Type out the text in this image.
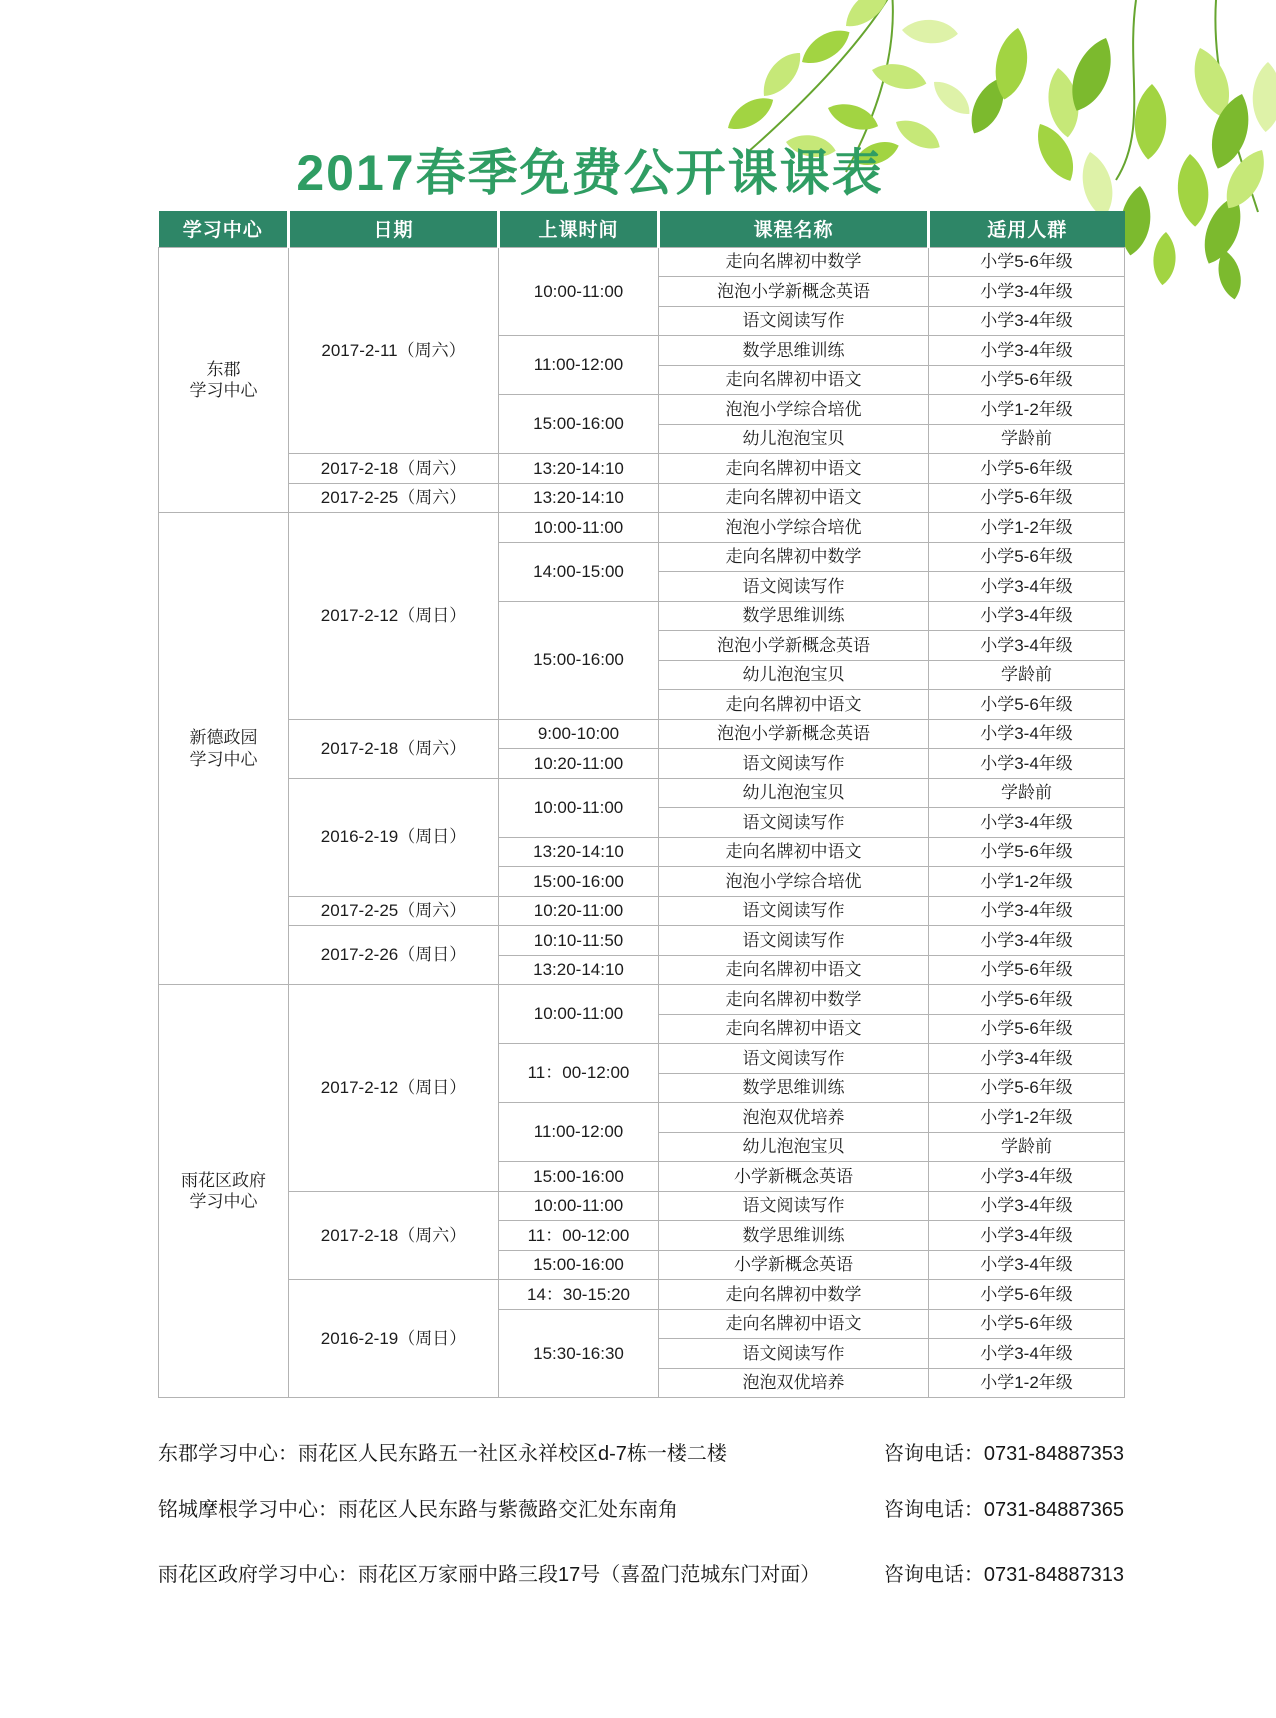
2017春季免费公开课课表
学习中心	日期	上课时间	课程名称	适用人群
东郡
学习中心	2017-2-11（周六）	10:00-11:00	走向名牌初中数学	小学5-6年级
			泡泡小学新概念英语	小学3-4年级
			语文阅读写作	小学3-4年级
		11:00-12:00	数学思维训练	小学3-4年级
			走向名牌初中语文	小学5-6年级
		15:00-16:00	泡泡小学综合培优	小学1-2年级
			幼儿泡泡宝贝	学龄前
	2017-2-18（周六）	13:20-14:10	走向名牌初中语文	小学5-6年级
	2017-2-25（周六）	13:20-14:10	走向名牌初中语文	小学5-6年级
新德政园
学习中心	2017-2-12（周日）	10:00-11:00	泡泡小学综合培优	小学1-2年级
		14:00-15:00	走向名牌初中数学	小学5-6年级
			语文阅读写作	小学3-4年级
		15:00-16:00	数学思维训练	小学3-4年级
			泡泡小学新概念英语	小学3-4年级
			幼儿泡泡宝贝	学龄前
			走向名牌初中语文	小学5-6年级
	2017-2-18（周六）	9:00-10:00	泡泡小学新概念英语	小学3-4年级
		10:20-11:00	语文阅读写作	小学3-4年级
	2016-2-19（周日）	10:00-11:00	幼儿泡泡宝贝	学龄前
			语文阅读写作	小学3-4年级
		13:20-14:10	走向名牌初中语文	小学5-6年级
		15:00-16:00	泡泡小学综合培优	小学1-2年级
	2017-2-25（周六）	10:20-11:00	语文阅读写作	小学3-4年级
	2017-2-26（周日）	10:10-11:50	语文阅读写作	小学3-4年级
		13:20-14:10	走向名牌初中语文	小学5-6年级
雨花区政府
学习中心	2017-2-12（周日）	10:00-11:00	走向名牌初中数学	小学5-6年级
			走向名牌初中语文	小学5-6年级
		11：00-12:00	语文阅读写作	小学3-4年级
			数学思维训练	小学5-6年级
		11:00-12:00	泡泡双优培养	小学1-2年级
			幼儿泡泡宝贝	学龄前
		15:00-16:00	小学新概念英语	小学3-4年级
	2017-2-18（周六）	10:00-11:00	语文阅读写作	小学3-4年级
		11：00-12:00	数学思维训练	小学3-4年级
		15:00-16:00	小学新概念英语	小学3-4年级
	2016-2-19（周日）	14：30-15:20	走向名牌初中数学	小学5-6年级
		15:30-16:30	走向名牌初中语文	小学5-6年级
			语文阅读写作	小学3-4年级
			泡泡双优培养	小学1-2年级
东郡学习中心：雨花区人民东路五一社区永祥校区d-7栋一楼二楼	咨询电话：0731-84887353
铭城摩根学习中心：雨花区人民东路与紫薇路交汇处东南角	咨询电话：0731-84887365
雨花区政府学习中心：雨花区万家丽中路三段17号（喜盈门范城东门对面）	咨询电话：0731-84887313
